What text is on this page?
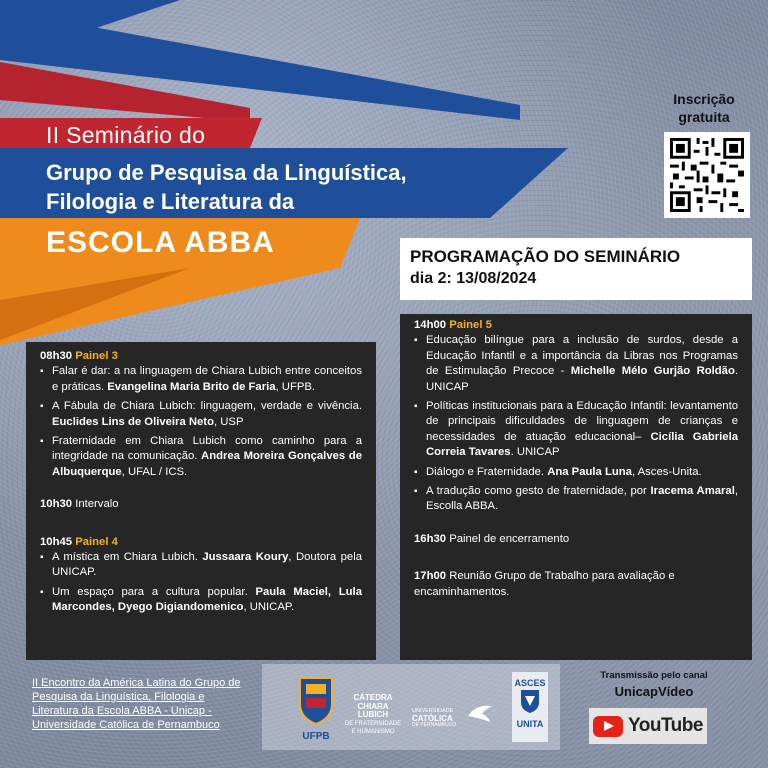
II Seminário do
Grupo de Pesquisa da Linguística,
Filologia e Literatura da
ESCOLA ABBA
Inscrição
gratuita
PROGRAMAÇÃO DO SEMINÁRIO
dia 2: 13/08/2024
08h30 Painel 3
▪ Falar é dar: a na linguagem de Chiara Lubich entre conceitos e práticas. Evangelina Maria Brito de Faria, UFPB.
▪ A Fábula de Chiara Lubich: linguagem, verdade e vivência. Euclides Lins de Oliveira Neto, USP
▪ Fraternidade em Chiara Lubich como caminho para a integridade na comunicação. Andrea Moreira Gonçalves de Albuquerque, UFAL / ICS.
10h30 Intervalo
10h45 Painel 4
▪ A mística em Chiara Lubich. Jussaara Koury, Doutora pela UNICAP.
▪ Um espaço para a cultura popular. Paula Maciel, Lula Marcondes, Dyego Digiandomenico, UNICAP.
14h00 Painel 5
▪ Educação bilíngue para a inclusão de surdos, desde a Educação Infantil e a importância da Libras nos Programas de Estimulação Precoce - Michelle Mélo Gurjão Roldão. UNICAP
▪ Políticas institucionais para a Educação Infantil: levantamento de principais dificuldades de linguagem de crianças e necessidades de atuação educacional– Cicília Gabriela Correia Tavares. UNICAP
▪ Diálogo e Fraternidade. Ana Paula Luna, Asces-Unita.
▪ A tradução como gesto de fraternidade, por Iracema Amaral, Escolla ABBA.
16h30 Painel de encerramento
17h00 Reunião Grupo de Trabalho para avaliação e encaminhamentos.
II Encontro da América Latina do Grupo de Pesquisa da Linguística, Filologia e Literatura da Escola ABBA - Unicap - Universidade Católica de Pernambuco
UFPB
CÁTEDRA
CHIARA LUBICH
DE FRATERNIDADE
E HUMANISMO
UNIVERSIDADE
CATÓLICA
DE PERNAMBUCO
ASCES
UNITA
Transmissão pelo canal
UnicapVídeo
YouTube
